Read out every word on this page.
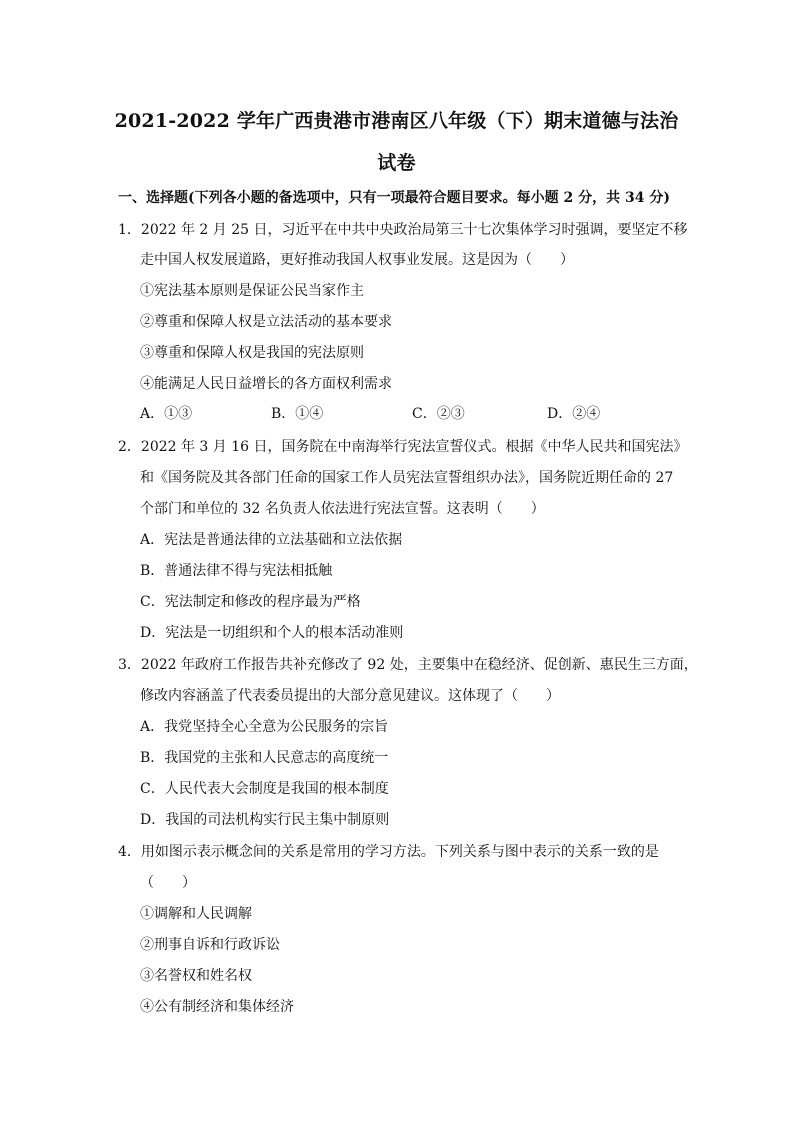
2021-2022 学年广西贵港市港南区八年级（下）期末道德与法治
试卷
一、选择题(下列各小题的备选项中，只有一项最符合题目要求。每小题 2 分，共 34 分)
1．2022 年 2 月 25 日，习近平在中共中央政治局第三十七次集体学习时强调，要坚定不移
走中国人权发展道路，更好推动我国人权事业发展。这是因为（　　）
①宪法基本原则是保证公民当家作主
②尊重和保障人权是立法活动的基本要求
③尊重和保障人权是我国的宪法原则
④能满足人民日益增长的各方面权利需求
A．①③	B．①④	C．②③	D．②④
2．2022 年 3 月 16 日，国务院在中南海举行宪法宣誓仪式。根据《中华人民共和国宪法》
和《国务院及其各部门任命的国家工作人员宪法宣誓组织办法》，国务院近期任命的 27
个部门和单位的 32 名负责人依法进行宪法宣誓。这表明（　　）
A．宪法是普通法律的立法基础和立法依据
B．普通法律不得与宪法相抵触
C．宪法制定和修改的程序最为严格
D．宪法是一切组织和个人的根本活动准则
3．2022 年政府工作报告共补充修改了 92 处，主要集中在稳经济、促创新、惠民生三方面，
修改内容涵盖了代表委员提出的大部分意见建议。这体现了（　　）
A．我党坚持全心全意为公民服务的宗旨
B．我国党的主张和人民意志的高度统一
C．人民代表大会制度是我国的根本制度
D．我国的司法机构实行民主集中制原则
4．用如图示表示概念间的关系是常用的学习方法。下列关系与图中表示的关系一致的是
（　　）
①调解和人民调解
②刑事自诉和行政诉讼
③名誉权和姓名权
④公有制经济和集体经济
